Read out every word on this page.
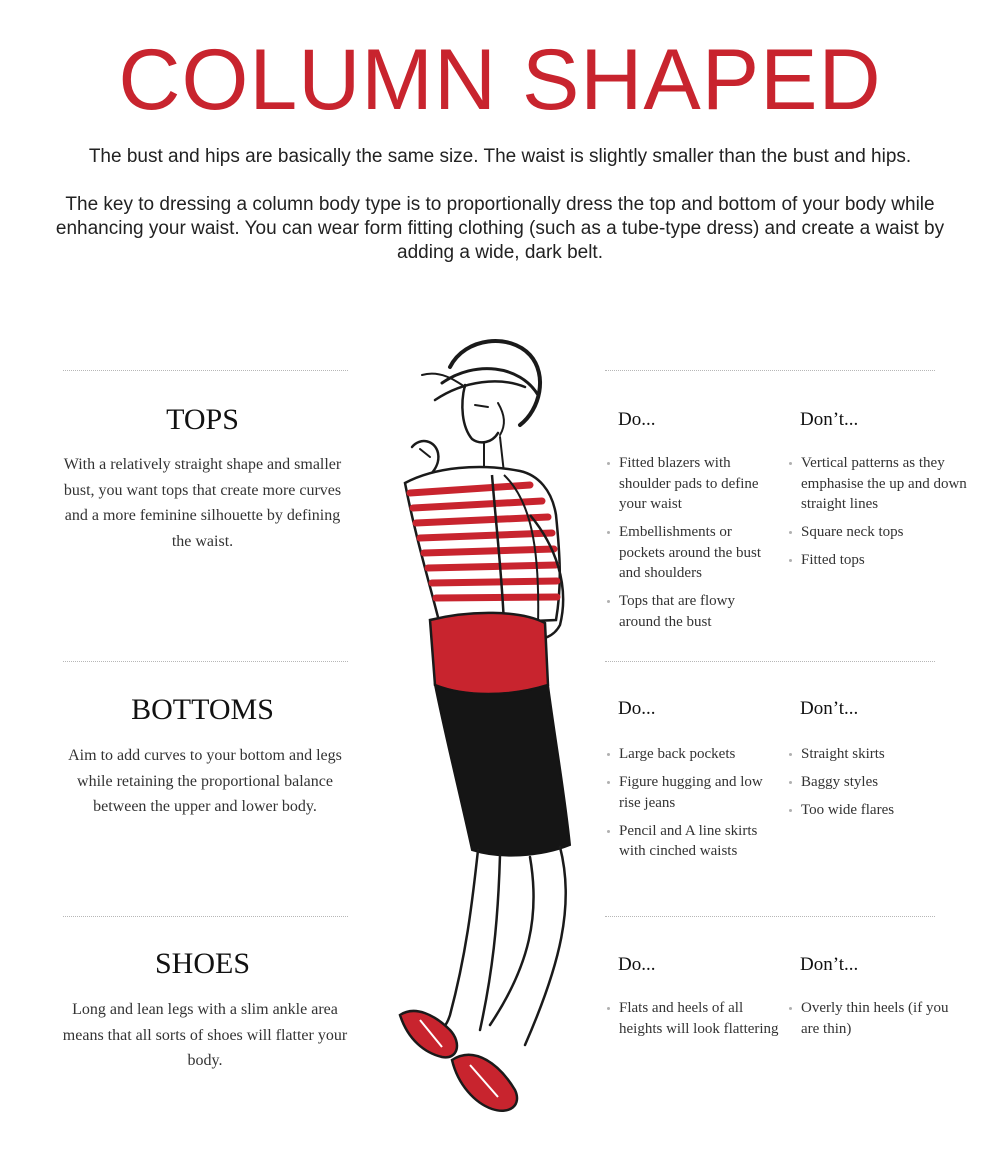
COLUMN SHAPED
The bust and hips are basically the same size. The waist is slightly smaller than the bust and hips.
The key to dressing a column body type is to proportionally dress the top and bottom of your body while enhancing your waist. You can wear form fitting clothing (such as a tube-type dress) and create a waist by adding a wide, dark belt.
TOPS
With a relatively straight shape and smaller bust, you want tops that create more curves and a more feminine silhouette by defining the waist.
Do...	Don’t...
Fitted blazers with shoulder pads to define your waist
Embellishments or pockets around the bust and shoulders
Tops that are flowy around the bust
Vertical patterns as they emphasise the up and down straight lines
Square neck tops
Fitted tops
BOTTOMS
Aim to add curves to your bottom and legs while retaining the proportional balance between the upper and lower body.
Do...	Don’t...
Large back pockets
Figure hugging and low rise jeans
Pencil and A line skirts with cinched waists
Straight skirts
Baggy styles
Too wide flares
SHOES
Long and lean legs with a slim ankle area means that all sorts of shoes will flatter your body.
Do...	Don’t...
Flats and heels of all heights will look flattering
Overly thin heels (if you are thin)
